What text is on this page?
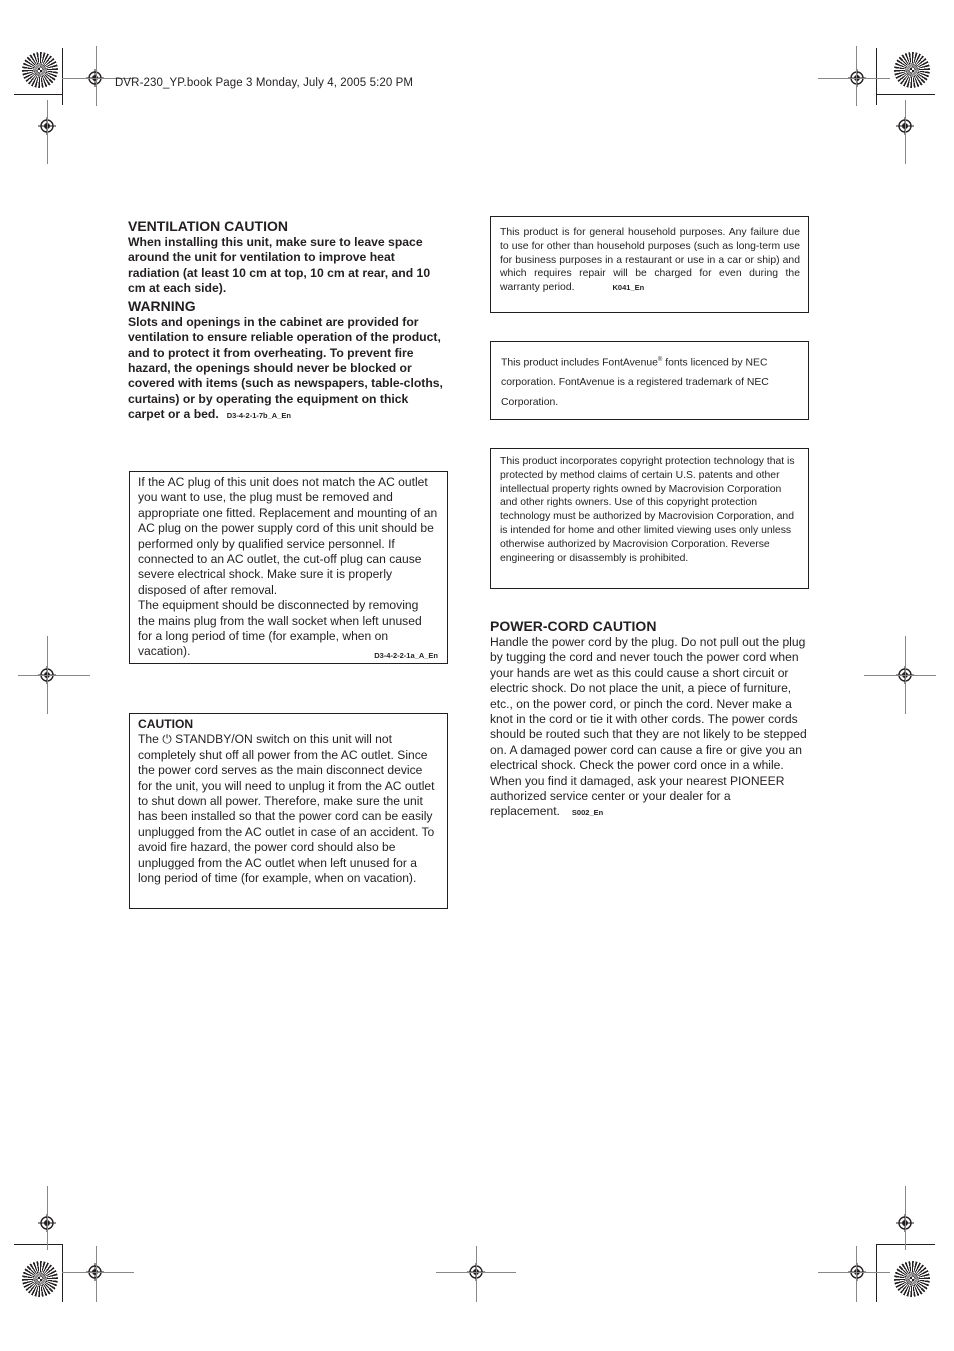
DVR-230_YP.book Page 3 Monday, July 4, 2005 5:20 PM
VENTILATION CAUTION

When installing this unit, make sure to leave space around the unit for ventilation to improve heat radiation (at least 10 cm at top, 10 cm at rear, and 10 cm at each side).

WARNING

Slots and openings in the cabinet are provided for ventilation to ensure reliable operation of the product, and to protect it from overheating. To prevent fire hazard, the openings should never be blocked or covered with items (such as newspapers, table-cloths, curtains) or by operating the equipment on thick carpet or a bed. D3-4-2-1-7b_A_En

If the AC plug of this unit does not match the AC outlet you want to use, the plug must be removed and appropriate one fitted. Replacement and mounting of an AC plug on the power supply cord of this unit should be performed only by qualified service personnel. If connected to an AC outlet, the cut-off plug can cause severe electrical shock. Make sure it is properly disposed of after removal.

The equipment should be disconnected by removing the mains plug from the wall socket when left unused for a long period of time (for example, when on vacation).	D3-4-2-2-1a_A_En

CAUTION

The ⏻ STANDBY/ON switch on this unit will not completely shut off all power from the AC outlet. Since the power cord serves as the main disconnect device for the unit, you will need to unplug it from the AC outlet to shut down all power. Therefore, make sure the unit has been installed so that the power cord can be easily unplugged from the AC outlet in case of an accident. To avoid fire hazard, the power cord should also be unplugged from the AC outlet when left unused for a long period of time (for example, when on vacation).

This product is for general household purposes. Any failure due to use for other than household purposes (such as long-term use for business purposes in a restaurant or use in a car or ship) and which requires repair will be charged for even during the warranty period.	K041_En

This product includes FontAvenue® fonts licenced by NEC corporation. FontAvenue is a registered trademark of NEC Corporation.

This product incorporates copyright protection technology that is protected by method claims of certain U.S. patents and other intellectual property rights owned by Macrovision Corporation and other rights owners. Use of this copyright protection technology must be authorized by Macrovision Corporation, and is intended for home and other limited viewing uses only unless otherwise authorized by Macrovision Corporation. Reverse engineering or disassembly is prohibited.

POWER-CORD CAUTION

Handle the power cord by the plug. Do not pull out the plug by tugging the cord and never touch the power cord when your hands are wet as this could cause a short circuit or electric shock. Do not place the unit, a piece of furniture, etc., on the power cord, or pinch the cord. Never make a knot in the cord or tie it with other cords. The power cords should be routed such that they are not likely to be stepped on. A damaged power cord can cause a fire or give you an electrical shock. Check the power cord once in a while. When you find it damaged, ask your nearest PIONEER authorized service center or your dealer for a replacement. S002_En
